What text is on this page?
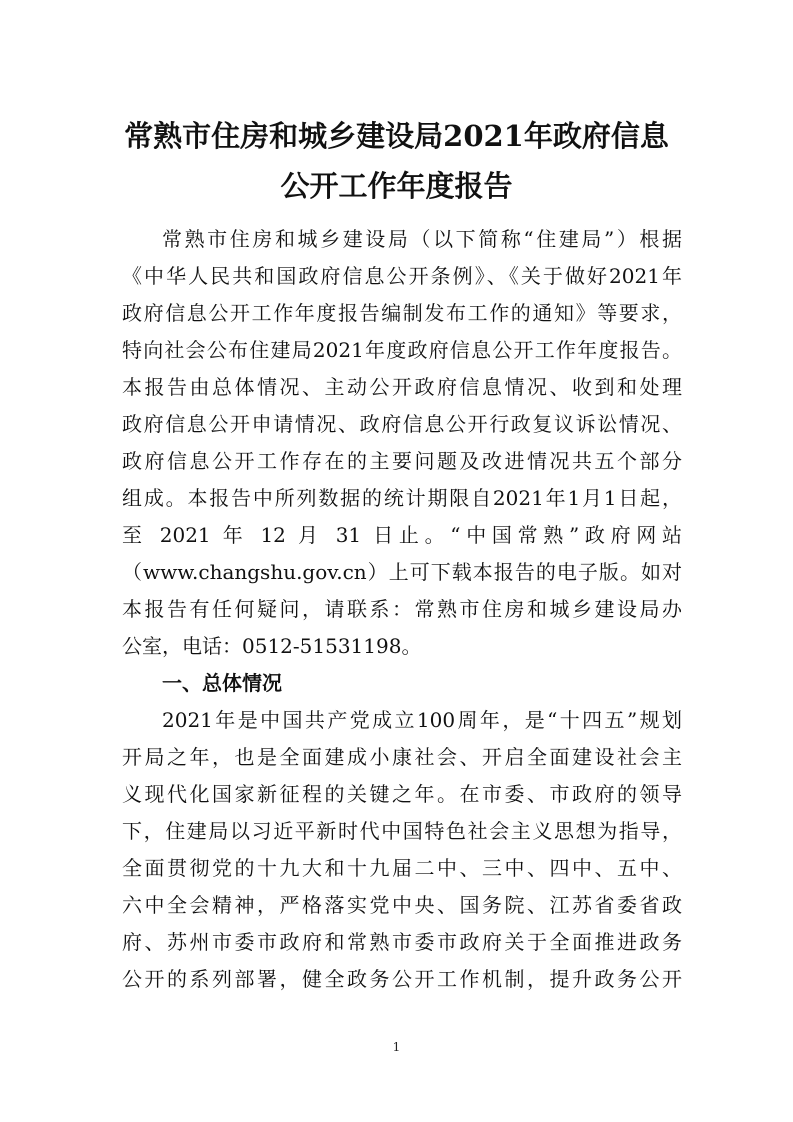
常熟市住房和城乡建设局2021年政府信息
公开工作年度报告
常熟市住房和城乡建设局（以下简称“住建局”）根据
《中华人民共和国政府信息公开条例》、《关于做好2021年
政府信息公开工作年度报告编制发布工作的通知》等要求，
特向社会公布住建局2021年度政府信息公开工作年度报告。
本报告由总体情况、主动公开政府信息情况、收到和处理
政府信息公开申请情况、政府信息公开行政复议诉讼情况、
政府信息公开工作存在的主要问题及改进情况共五个部分
组成。本报告中所列数据的统计期限自2021年1月1日起，
至 2021 年 12 月 31 日止。“中国常熟”政府网站
（www.changshu.gov.cn）上可下载本报告的电子版。如对
本报告有任何疑问，请联系：常熟市住房和城乡建设局办
公室，电话：0512-51531198。
一、总体情况
2021年是中国共产党成立100周年，是“十四五”规划
开局之年，也是全面建成小康社会、开启全面建设社会主
义现代化国家新征程的关键之年。在市委、市政府的领导
下，住建局以习近平新时代中国特色社会主义思想为指导，
全面贯彻党的十九大和十九届二中、三中、四中、五中、
六中全会精神，严格落实党中央、国务院、江苏省委省政
府、苏州市委市政府和常熟市委市政府关于全面推进政务
公开的系列部署，健全政务公开工作机制，提升政务公开
1
